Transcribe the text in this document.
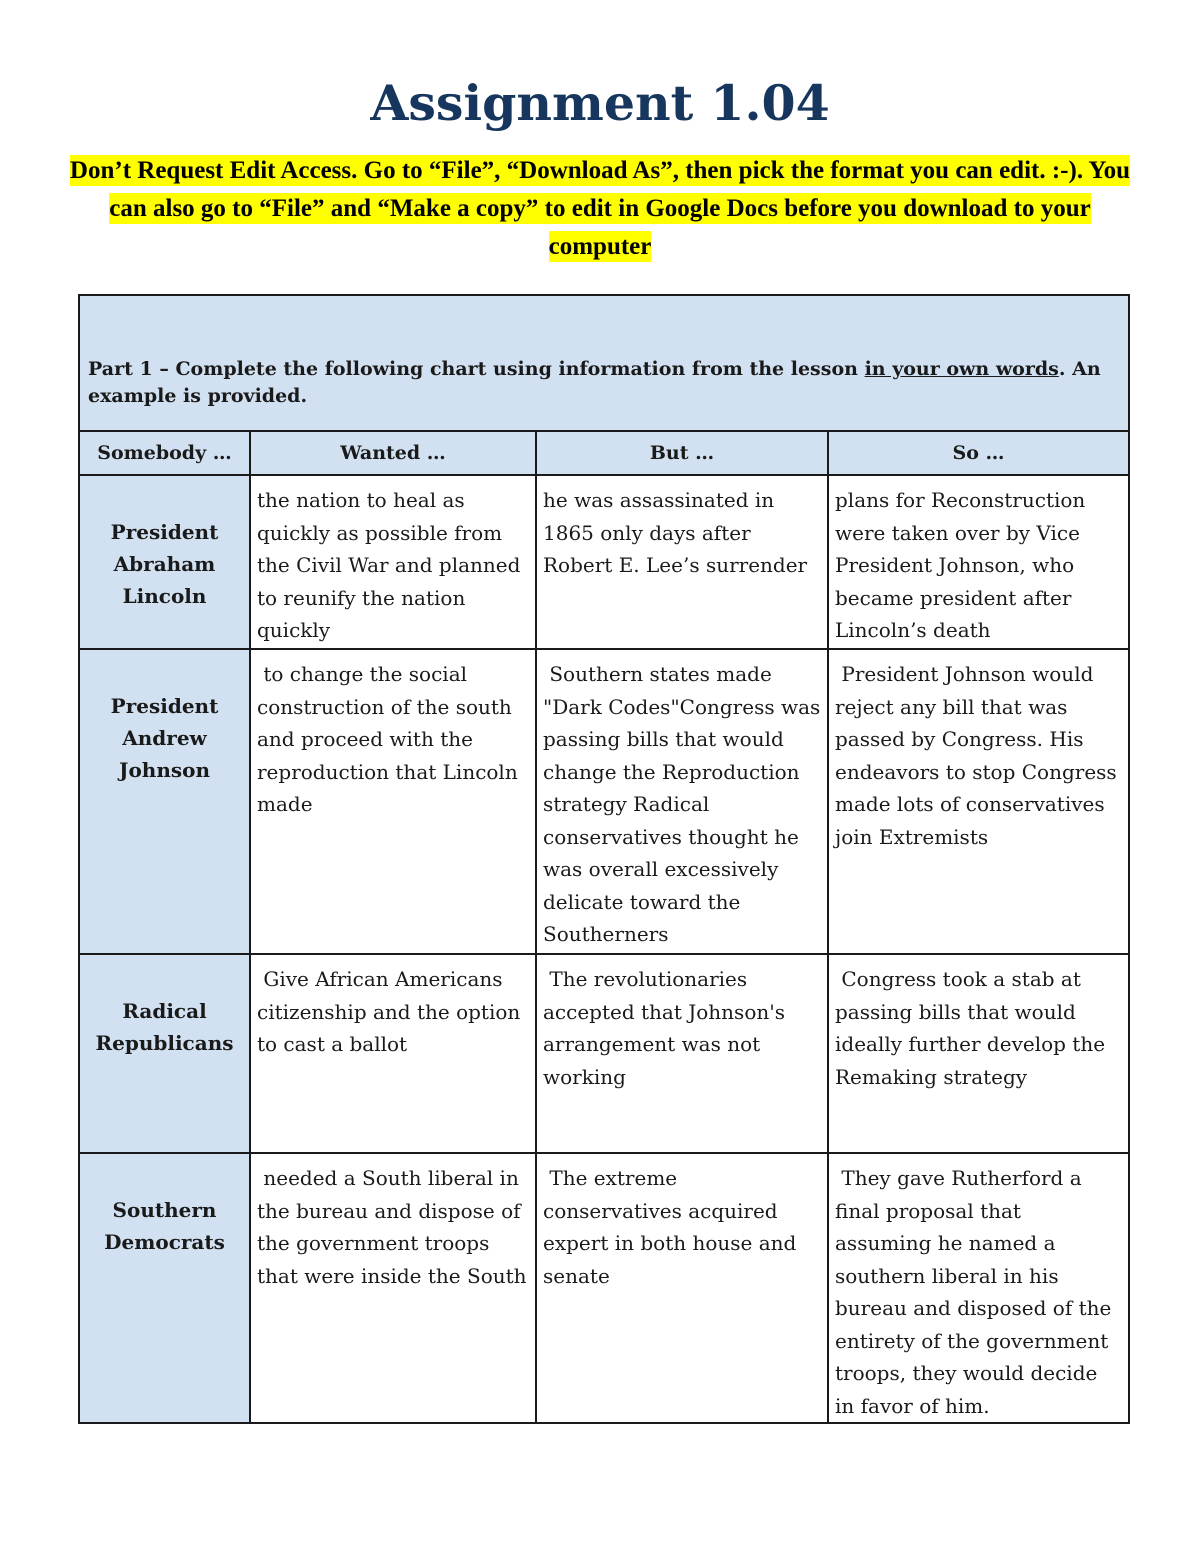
Assignment 1.04
Don’t Request Edit Access. Go to “File”, “Download As”, then pick the format you can edit. :-). You can also go to “File” and “Make a copy” to edit in Google Docs before you download to your computer
Part 1 – Complete the following chart using information from the lesson in your own words. An example is provided.			
Somebody …	Wanted …	But …	So …
President Abraham Lincoln	the nation to heal as quickly as possible from the Civil War and planned to reunify the nation quickly	he was assassinated in 1865 only days after Robert E. Lee’s surrender	plans for Reconstruction were taken over by Vice President Johnson, who became president after Lincoln’s death
President Andrew Johnson	to change the social construction of the south and proceed with the reproduction that Lincoln made	Southern states made "Dark Codes"Congress was passing bills that would change the Reproduction strategy Radical conservatives thought he was overall excessively delicate toward the Southerners	President Johnson would reject any bill that was passed by Congress. His endeavors to stop Congress made lots of conservatives join Extremists
Radical Republicans	Give African Americans citizenship and the option to cast a ballot	The revolutionaries accepted that Johnson's arrangement was not working	Congress took a stab at passing bills that would ideally further develop the Remaking strategy
Southern Democrats	needed a South liberal in the bureau and dispose of the government troops that were inside the South	The extreme conservatives acquired expert in both house and senate	They gave Rutherford a final proposal that assuming he named a southern liberal in his bureau and disposed of the entirety of the government troops, they would decide in favor of him.
